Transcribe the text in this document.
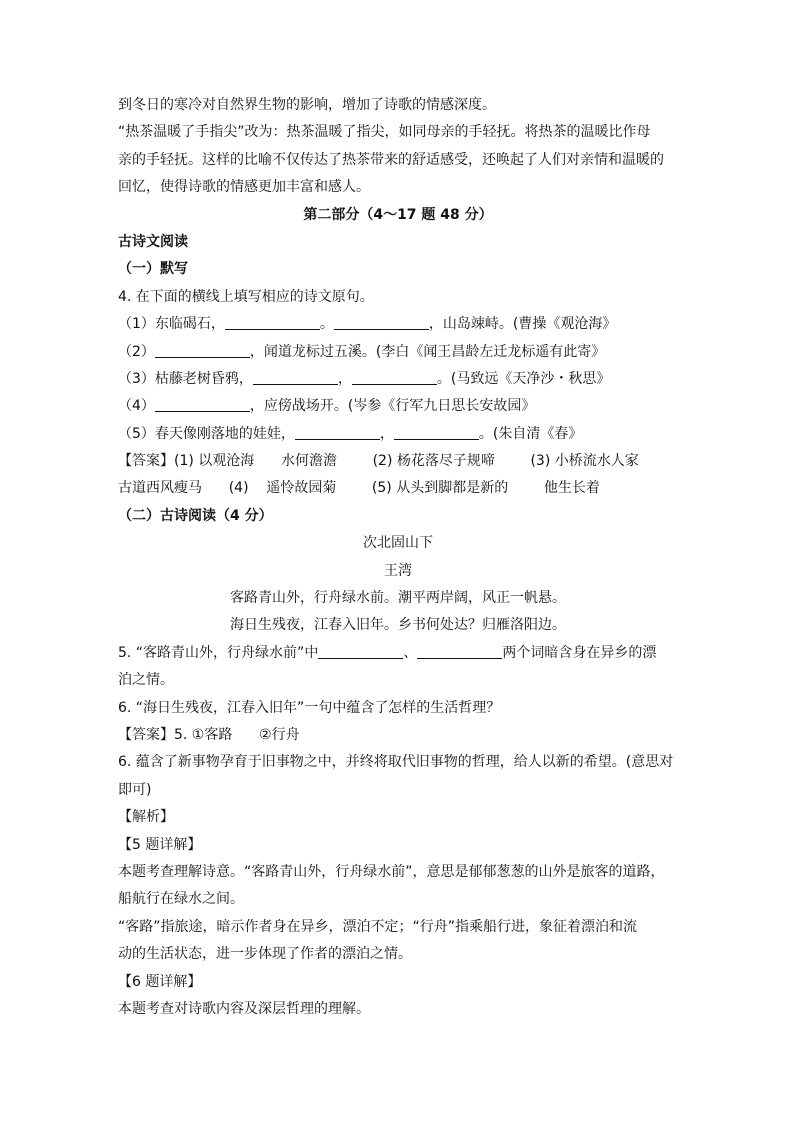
到冬日的寒冷对自然界生物的影响，增加了诗歌的情感深度。
“热茶温暖了手指尖”改为：热茶温暖了指尖，如同母亲的手轻抚。将热茶的温暖比作母
亲的手轻抚。这样的比喻不仅传达了热茶带来的舒适感受，还唤起了人们对亲情和温暖的
回忆，使得诗歌的情感更加丰富和感人。
第二部分（4～17 题 48 分）
古诗文阅读
（一）默写
4. 在下面的横线上填写相应的诗文原句。
（1）东临碣石，	。	，山岛竦峙。(曹操《观沧海》
（2）	，闻道龙标过五溪。(李白《闻王昌龄左迁龙标遥有此寄》
（3）枯藤老树昏鸦，	，	。(马致远《天净沙・秋思》
（4）	，应傍战场开。(岑参《行军九日思长安故园》
（5）春天像刚落地的娃娃，	，	。(朱自清《春》
【答案】(1) 以观沧海      水何澹澹        (2) 杨花落尽子规啼        (3) 小桥流水人家
古道西风瘦马      (4)    遥怜故园菊        (5) 从头到脚都是新的        他生长着
（二）古诗阅读（4 分）
次北固山下
王湾
客路青山外，行舟绿水前。潮平两岸阔，风正一帆悬。
海日生残夜，江春入旧年。乡书何处达？归雁洛阳边。
5. “客路青山外，行舟绿水前”中	、	两个词暗含身在异乡的漂
泊之情。
6. “海日生残夜，江春入旧年”一句中蕴含了怎样的生活哲理？
【答案】5. ①客路      ②行舟
6. 蕴含了新事物孕育于旧事物之中，并终将取代旧事物的哲理，给人以新的希望。(意思对
即可)
【解析】
【5 题详解】
本题考查理解诗意。“客路青山外，行舟绿水前”，意思是郁郁葱葱的山外是旅客的道路，
船航行在绿水之间。
“客路”指旅途，暗示作者身在异乡，漂泊不定；“行舟”指乘船行进，象征着漂泊和流
动的生活状态，进一步体现了作者的漂泊之情。
【6 题详解】
本题考查对诗歌内容及深层哲理的理解。
